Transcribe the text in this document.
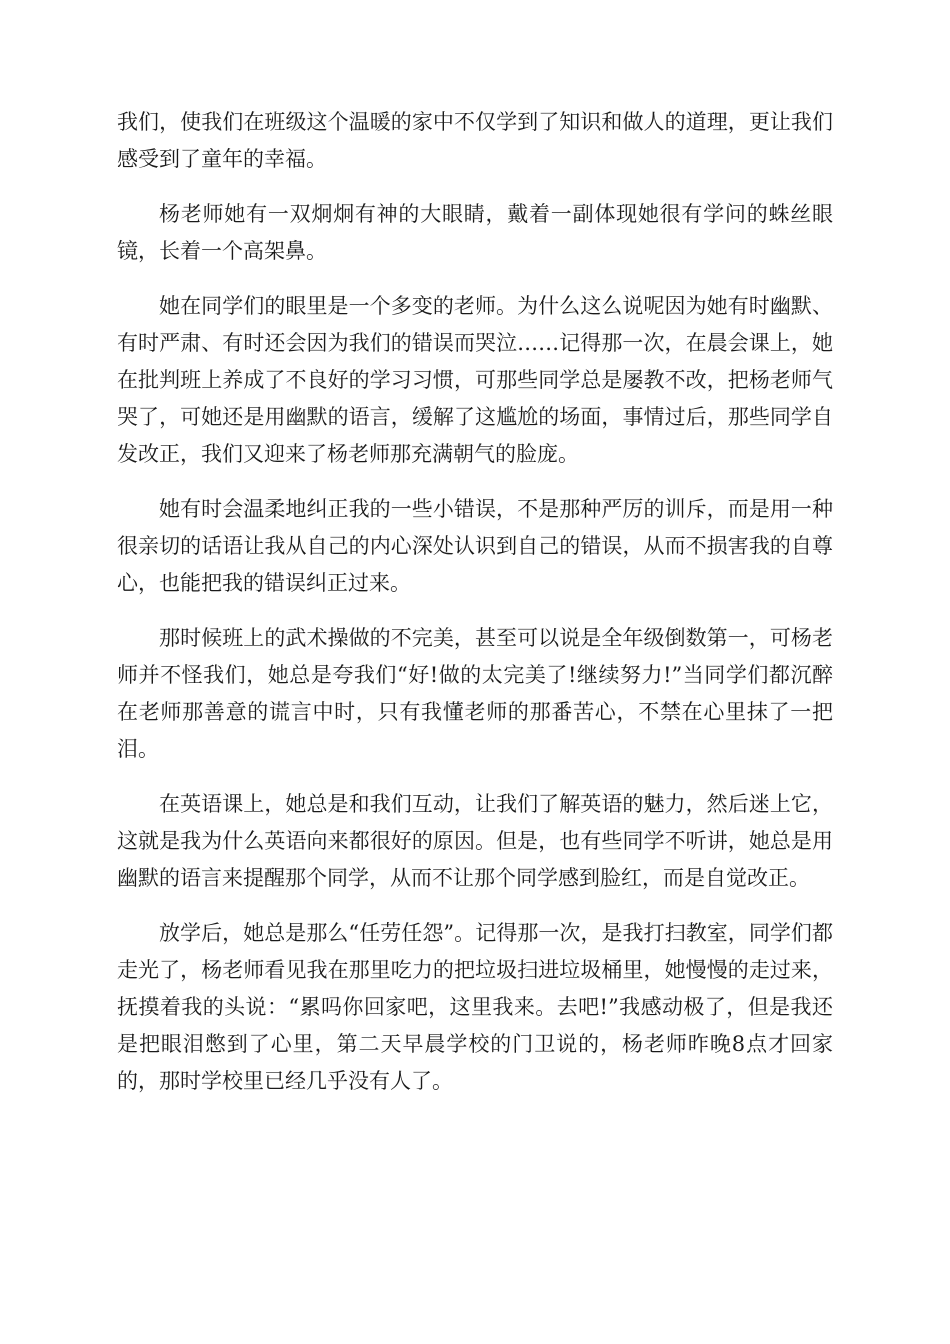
我们，使我们在班级这个温暖的家中不仅学到了知识和做人的道理，更让我们感受到了童年的幸福。

杨老师她有一双炯炯有神的大眼睛，戴着一副体现她很有学问的蛛丝眼镜，长着一个高架鼻。

她在同学们的眼里是一个多变的老师。为什么这么说呢因为她有时幽默、有时严肃、有时还会因为我们的错误而哭泣……记得那一次，在晨会课上，她在批判班上养成了不良好的学习习惯，可那些同学总是屡教不改，把杨老师气哭了，可她还是用幽默的语言，缓解了这尴尬的场面，事情过后，那些同学自发改正，我们又迎来了杨老师那充满朝气的脸庞。

她有时会温柔地纠正我的一些小错误，不是那种严厉的训斥，而是用一种很亲切的话语让我从自己的内心深处认识到自己的错误，从而不损害我的自尊心，也能把我的错误纠正过来。

那时候班上的武术操做的不完美，甚至可以说是全年级倒数第一，可杨老师并不怪我们，她总是夸我们“好!做的太完美了!继续努力!”当同学们都沉醉在老师那善意的谎言中时，只有我懂老师的那番苦心，不禁在心里抹了一把泪。

在英语课上，她总是和我们互动，让我们了解英语的魅力，然后迷上它，这就是我为什么英语向来都很好的原因。但是，也有些同学不听讲，她总是用幽默的语言来提醒那个同学，从而不让那个同学感到脸红，而是自觉改正。

放学后，她总是那么“任劳任怨”。记得那一次，是我打扫教室，同学们都走光了，杨老师看见我在那里吃力的把垃圾扫进垃圾桶里，她慢慢的走过来，抚摸着我的头说：“累吗你回家吧，这里我来。去吧!”我感动极了，但是我还是把眼泪憋到了心里，第二天早晨学校的门卫说的，杨老师昨晚8点才回家的，那时学校里已经几乎没有人了。
